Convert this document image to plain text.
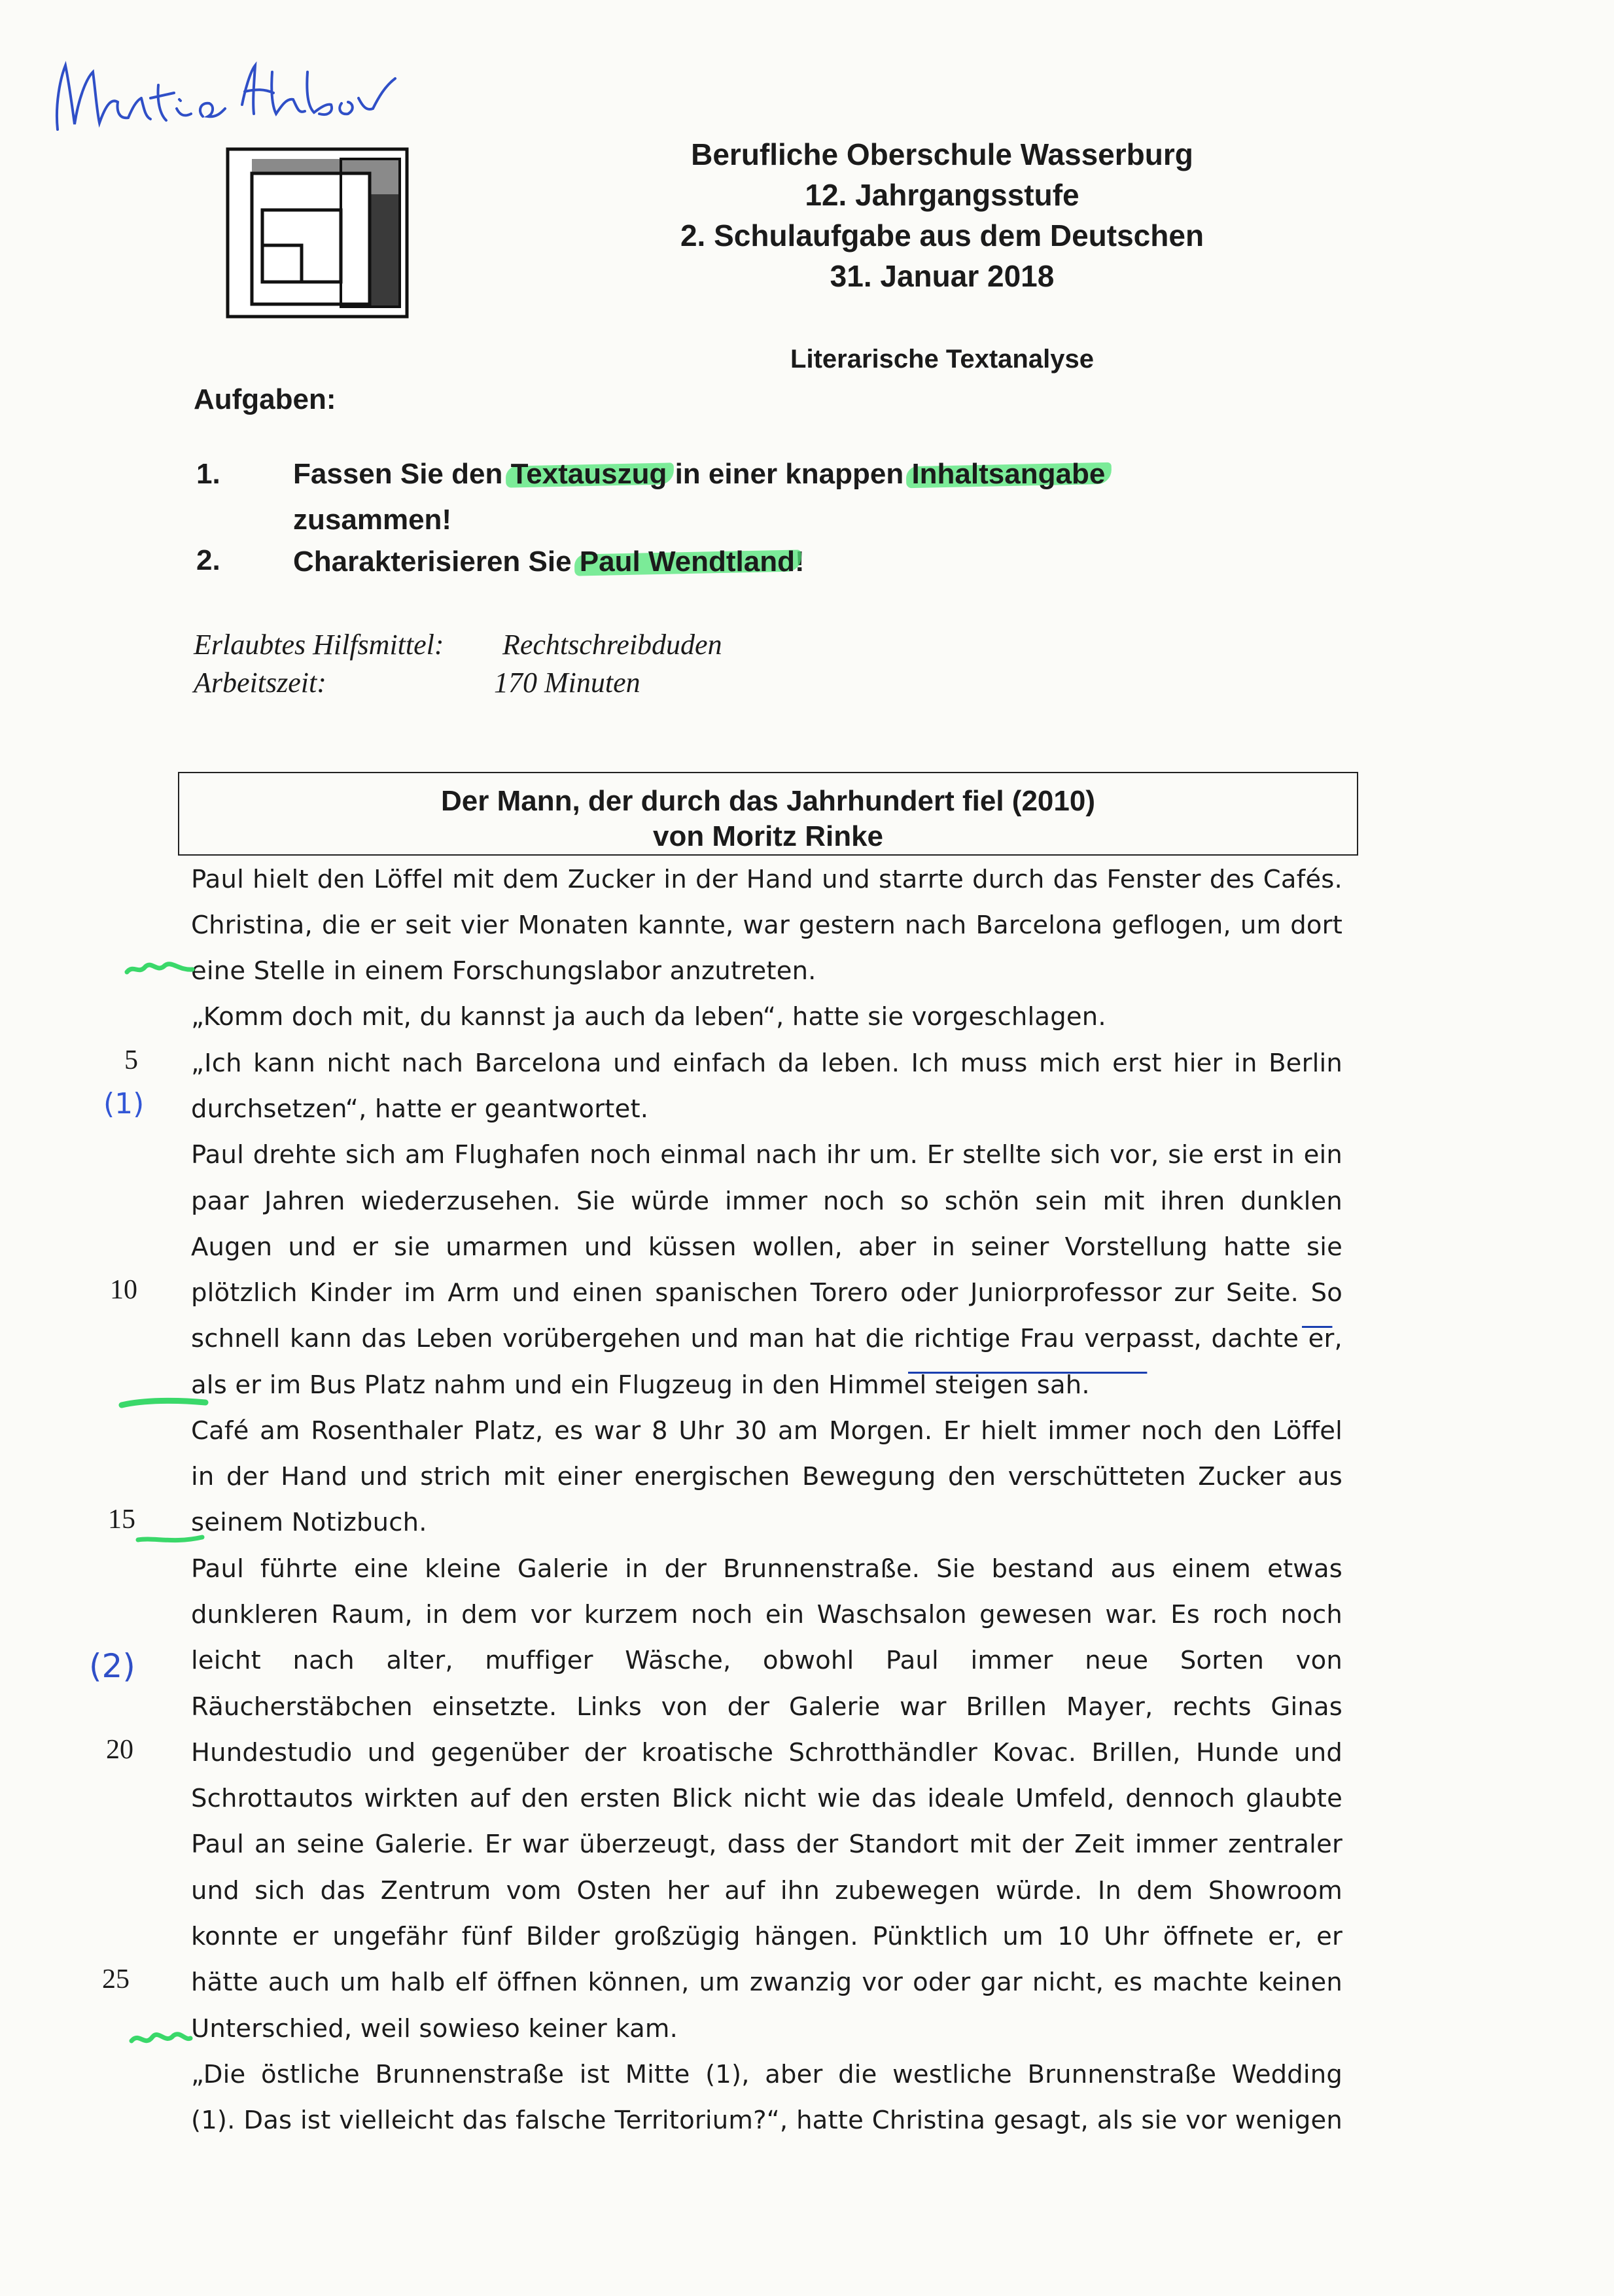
Berufliche Oberschule Wasserburg
12. Jahrgangsstufe
2. Schulaufgabe aus dem Deutschen
31. Januar 2018
Literarische Textanalyse
Aufgaben:
1.	Fassen Sie den Textauszug in einer knappen Inhaltsangabe
zusammen!
2.	Charakterisieren Sie Paul Wendtland!
Erlaubtes Hilfsmittel: Rechtschreibduden
Arbeitszeit:	170 Minuten
Der Mann, der durch das Jahrhundert fiel (2010)
von Moritz Rinke
Paul hielt den Löffel mit dem Zucker in der Hand und starrte durch das Fenster des Cafés.
Christina, die er seit vier Monaten kannte, war gestern nach Barcelona geflogen, um dort
eine Stelle in einem Forschungslabor anzutreten.
„Komm doch mit, du kannst ja auch da leben“, hatte sie vorgeschlagen.
„Ich kann nicht nach Barcelona und einfach da leben. Ich muss mich erst hier in Berlin
durchsetzen“, hatte er geantwortet.
Paul drehte sich am Flughafen noch einmal nach ihr um. Er stellte sich vor, sie erst in ein
paar Jahren wiederzusehen. Sie würde immer noch so schön sein mit ihren dunklen
Augen und er sie umarmen und küssen wollen, aber in seiner Vorstellung hatte sie
plötzlich Kinder im Arm und einen spanischen Torero oder Juniorprofessor zur Seite. So
schnell kann das Leben vorübergehen und man hat die richtige Frau verpasst, dachte er,
als er im Bus Platz nahm und ein Flugzeug in den Himmel steigen sah.
Café am Rosenthaler Platz, es war 8 Uhr 30 am Morgen. Er hielt immer noch den Löffel
in der Hand und strich mit einer energischen Bewegung den verschütteten Zucker aus
seinem Notizbuch.
Paul führte eine kleine Galerie in der Brunnenstraße. Sie bestand aus einem etwas
dunkleren Raum, in dem vor kurzem noch ein Waschsalon gewesen war. Es roch noch
leicht nach alter, muffiger Wäsche, obwohl Paul immer neue Sorten von
Räucherstäbchen einsetzte. Links von der Galerie war Brillen Mayer, rechts Ginas
Hundestudio und gegenüber der kroatische Schrotthändler Kovac. Brillen, Hunde und
Schrottautos wirkten auf den ersten Blick nicht wie das ideale Umfeld, dennoch glaubte
Paul an seine Galerie. Er war überzeugt, dass der Standort mit der Zeit immer zentraler
und sich das Zentrum vom Osten her auf ihn zubewegen würde. In dem Showroom
konnte er ungefähr fünf Bilder großzügig hängen. Pünktlich um 10 Uhr öffnete er, er
hätte auch um halb elf öffnen können, um zwanzig vor oder gar nicht, es machte keinen
Unterschied, weil sowieso keiner kam.
„Die östliche Brunnenstraße ist Mitte (1), aber die westliche Brunnenstraße Wedding
(1). Das ist vielleicht das falsche Territorium?“, hatte Christina gesagt, als sie vor wenigen
5
10
15
20
25
(1)
(2)
